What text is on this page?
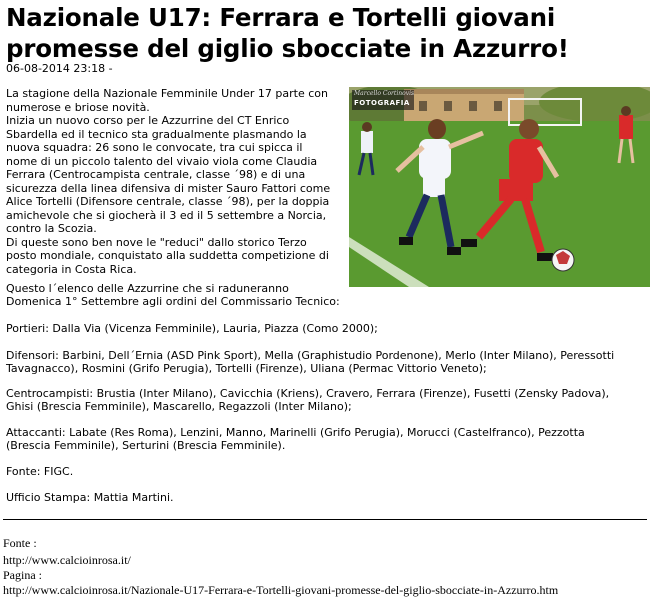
Nazionale U17: Ferrara e Tortelli giovani promesse del giglio sbocciate in Azzurro!
06-08-2014 23:18 -
Marcello Cortinovis
FOTOGRAFIA

La stagione della Nazionale Femminile Under 17 parte con

numerose e briose novità.

Inizia un nuovo corso per le Azzurrine del CT Enrico

Sbardella ed il tecnico sta gradualmente plasmando la

nuova squadra: 26 sono le convocate, tra cui spicca il

nome di un piccolo talento del vivaio viola come Claudia

Ferrara (Centrocampista centrale, classe ´98) e di una

sicurezza della linea difensiva di mister Sauro Fattori come

Alice Tortelli (Difensore centrale, classe ´98), per la doppia

amichevole che si giocherà il 3 ed il 5 settembre a Norcia,

contro la Scozia.

Di queste sono ben nove le "reduci" dallo storico Terzo

posto mondiale, conquistato alla suddetta competizione di

categoria in Costa Rica.

Questo l´elenco delle Azzurrine che si raduneranno

Domenica 1° Settembre agli ordini del Commissario Tecnico:

Portieri: Dalla Via (Vicenza Femminile), Lauria, Piazza (Como 2000);

Difensori: Barbini, Dell´Ernia (ASD Pink Sport), Mella (Graphistudio Pordenone), Merlo (Inter Milano), Peressotti

Tavagnacco), Rosmini (Grifo Perugia), Tortelli (Firenze), Uliana (Permac Vittorio Veneto);

Centrocampisti: Brustia (Inter Milano), Cavicchia (Kriens), Cravero, Ferrara (Firenze), Fusetti (Zensky Padova),

Ghisi (Brescia Femminile), Mascarello, Regazzoli (Inter Milano);

Attaccanti: Labate (Res Roma), Lenzini, Manno, Marinelli (Grifo Perugia), Morucci (Castelfranco), Pezzotta

(Brescia Femminile), Serturini (Brescia Femminile).

Fonte: FIGC.

Ufficio Stampa: Mattia Martini.

Fonte :
http://www.calcioinrosa.it/
Pagina :
http://www.calcioinrosa.it/Nazionale-U17-Ferrara-e-Tortelli-giovani-promesse-del-giglio-sbocciate-in-Azzurro.htm
